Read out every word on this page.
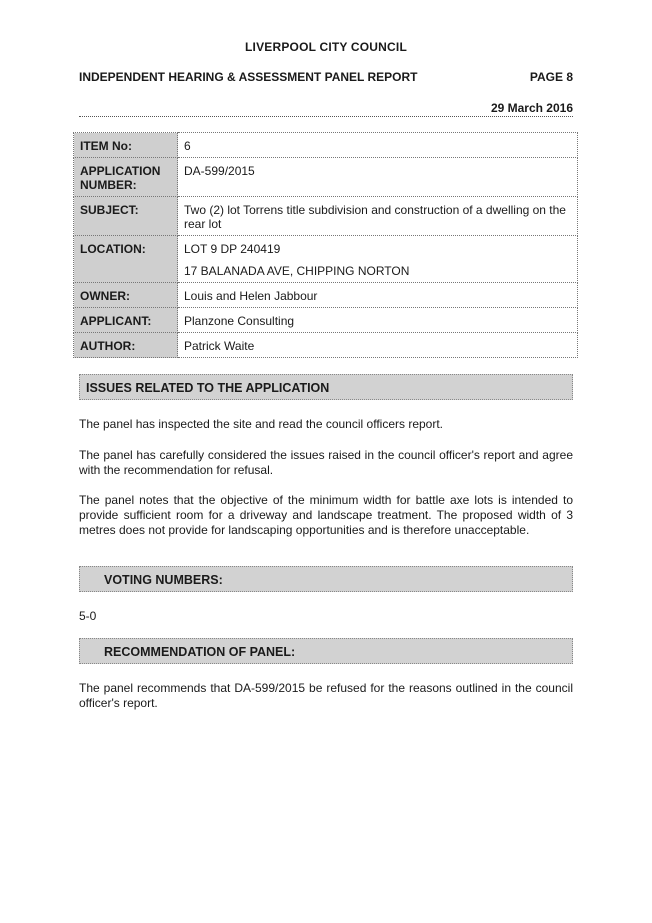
LIVERPOOL CITY COUNCIL
INDEPENDENT HEARING & ASSESSMENT PANEL REPORT	PAGE 8
29 March 2016
ITEM No:	6
APPLICATION NUMBER:	DA-599/2015
SUBJECT:	Two (2) lot Torrens title subdivision and construction of a dwelling on the rear lot
LOCATION:	LOT 9 DP 240419
17 BALANADA AVE, CHIPPING NORTON

OWNER:	Louis and Helen Jabbour
APPLICANT:	Planzone Consulting
AUTHOR:	Patrick Waite
ISSUES RELATED TO THE APPLICATION

The panel has inspected the site and read the council officers report.

The panel has carefully considered the issues raised in the council officer's report and agree with the recommendation for refusal.

The panel notes that the objective of the minimum width for battle axe lots is intended to provide sufficient room for a driveway and landscape treatment. The proposed width of 3 metres does not provide for landscaping opportunities and is therefore unacceptable.

VOTING NUMBERS:

5-0

RECOMMENDATION OF PANEL:

The panel recommends that DA-599/2015 be refused for the reasons outlined in the council officer's report.
